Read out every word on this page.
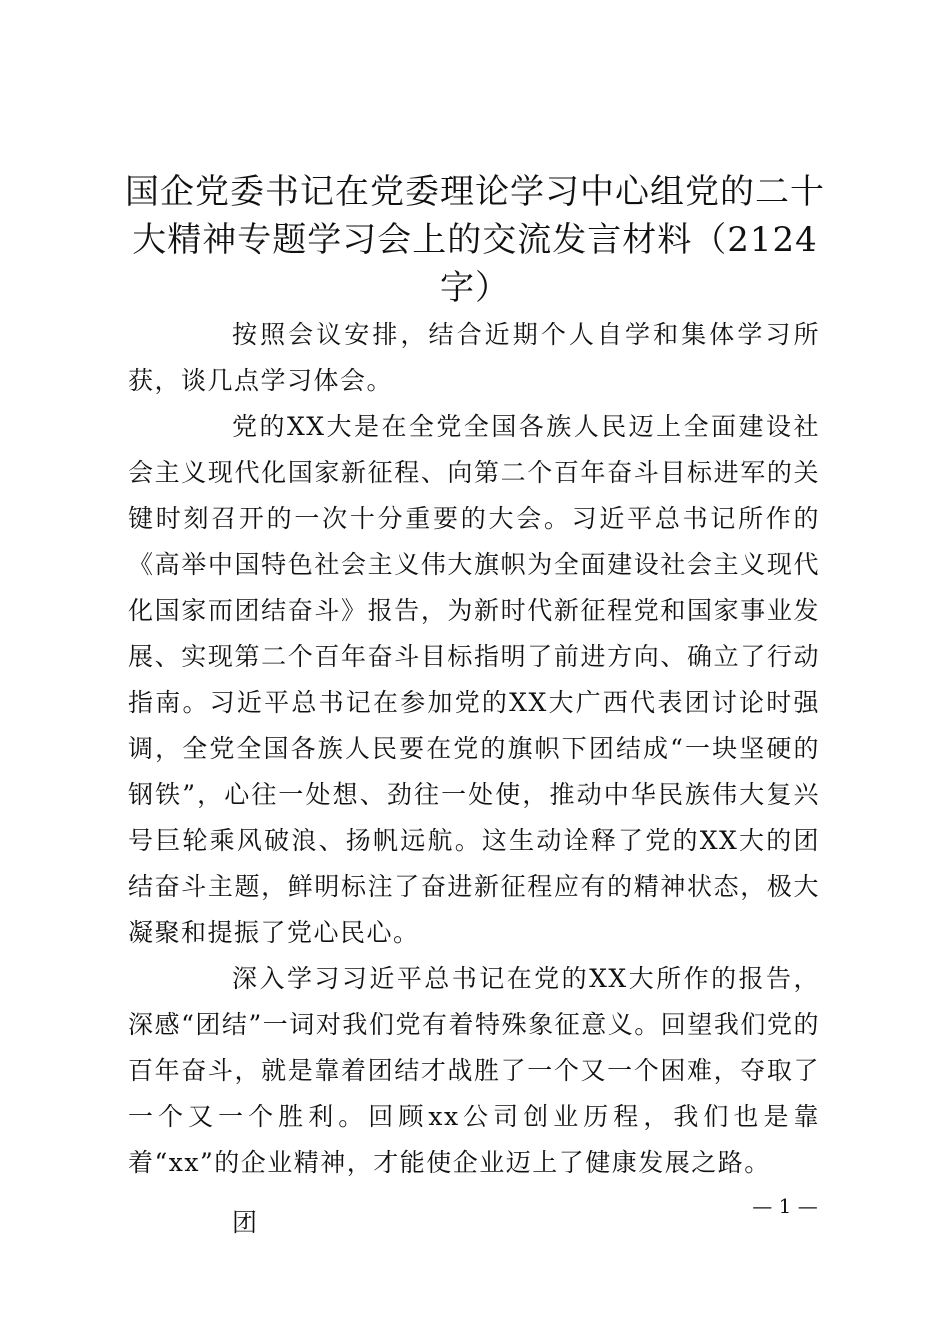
国企党委书记在党委理论学习中心组党的二十大精神专题学习会上的交流发言材料（2124字）

按照会议安排，结合近期个人自学和集体学习所获，谈几点学习体会。

党的XX大是在全党全国各族人民迈上全面建设社会主义现代化国家新征程、向第二个百年奋斗目标进军的关键时刻召开的一次十分重要的大会。习近平总书记所作的《高举中国特色社会主义伟大旗帜为全面建设社会主义现代化国家而团结奋斗》报告，为新时代新征程党和国家事业发展、实现第二个百年奋斗目标指明了前进方向、确立了行动指南。习近平总书记在参加党的XX大广西代表团讨论时强调，全党全国各族人民要在党的旗帜下团结成“一块坚硬的钢铁”，心往一处想、劲往一处使，推动中华民族伟大复兴号巨轮乘风破浪、扬帆远航。这生动诠释了党的XX大的团结奋斗主题，鲜明标注了奋进新征程应有的精神状态，极大凝聚和提振了党心民心。

深入学习习近平总书记在党的XX大所作的报告，深感“团结”一词对我们党有着特殊象征意义。回望我们党的百年奋斗，就是靠着团结才战胜了一个又一个困难，夺取了一个又一个胜利。回顾xx公司创业历程，我们也是靠着“xx”的企业精神，才能使企业迈上了健康发展之路。

团

— 1 —
